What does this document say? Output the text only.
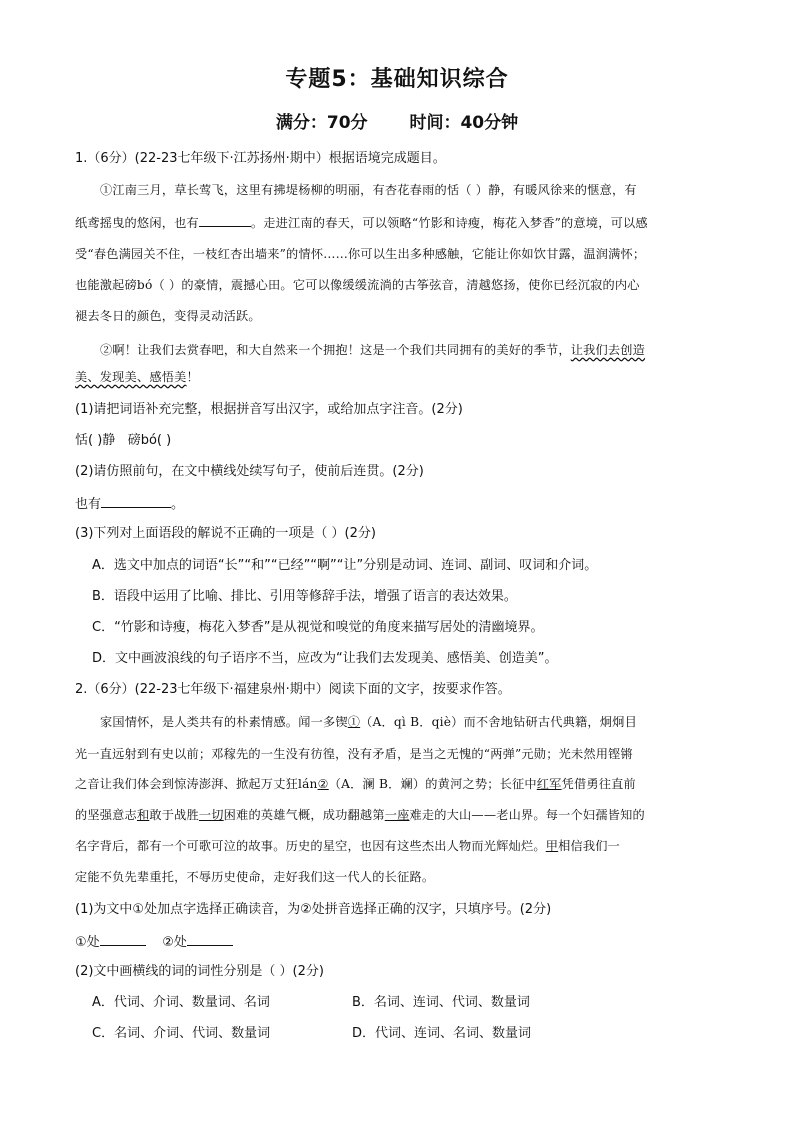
专题5：基础知识综合
满分：70分 时间：40分钟
1.（6分）(22-23七年级下·江苏扬州·期中）根据语境完成题目。
①江南三月，草长莺飞，这里有拂堤杨柳的明丽，有杏花春雨的恬（ ）静，有暖风徐来的惬意，有
纸鸢摇曳的悠闲，也有	。走进江南的春天，可以领略“竹影和诗瘦，梅花入梦香”的意境，可以感
受“春色满园关不住，一枝红杏出墙来”的情怀……你可以生出多种感触，它能让你如饮甘露，温润满怀；
也能激起磅bó（ ）的豪情，震撼心田。它可以像缓缓流淌的古筝弦音，清越悠扬，使你已经沉寂的内心
褪去冬日的颜色，变得灵动活跃。
②啊！让我们去赏春吧，和大自然来一个拥抱！这是一个我们共同拥有的美好的季节，让我们去创造
美、发现美、感悟美！
(1)请把词语补充完整，根据拼音写出汉字，或给加点字注音。(2分)
恬( )静 磅bó( )
(2)请仿照前句，在文中横线处续写句子，使前后连贯。(2分)
也有	。
(3)下列对上面语段的解说不正确的一项是（ ）(2分)
A．选文中加点的词语“长”“和”“已经”“啊”“让”分别是动词、连词、副词、叹词和介词。
B．语段中运用了比喻、排比、引用等修辞手法，增强了语言的表达效果。
C．“竹影和诗瘦，梅花入梦香”是从视觉和嗅觉的角度来描写居处的清幽境界。
D．文中画波浪线的句子语序不当，应改为“让我们去发现美、感悟美、创造美”。
2.（6分）(22-23七年级下·福建泉州·期中）阅读下面的文字，按要求作答。
家国情怀，是人类共有的朴素情感。闻一多锲①（A．qì B．qiè）而不舍地钻研古代典籍，炯炯目
光一直远射到有史以前；邓稼先的一生没有彷徨，没有矛盾，是当之无愧的“两弹”元勋；光未然用铿锵
之音让我们体会到惊涛澎湃、掀起万丈狂lán②（A．澜 B．斓）的黄河之势；长征中红军凭借勇往直前
的坚强意志和敢于战胜一切困难的英雄气概，成功翻越第一座难走的大山——老山界。每一个妇孺皆知的
名字背后，都有一个可歌可泣的故事。历史的星空，也因有这些杰出人物而光辉灿烂。甲相信我们一
定能不负先辈重托，不辱历史使命，走好我们这一代人的长征路。
(1)为文中①处加点字选择正确读音，为②处拼音选择正确的汉字，只填序号。(2分)
①处	②处
(2)文中画横线的词的词性分别是（ ）(2分)
A．代词、介词、数量词、名词	B．名词、连词、代词、数量词
C．名词、介词、代词、数量词	D．代词、连词、名词、数量词
